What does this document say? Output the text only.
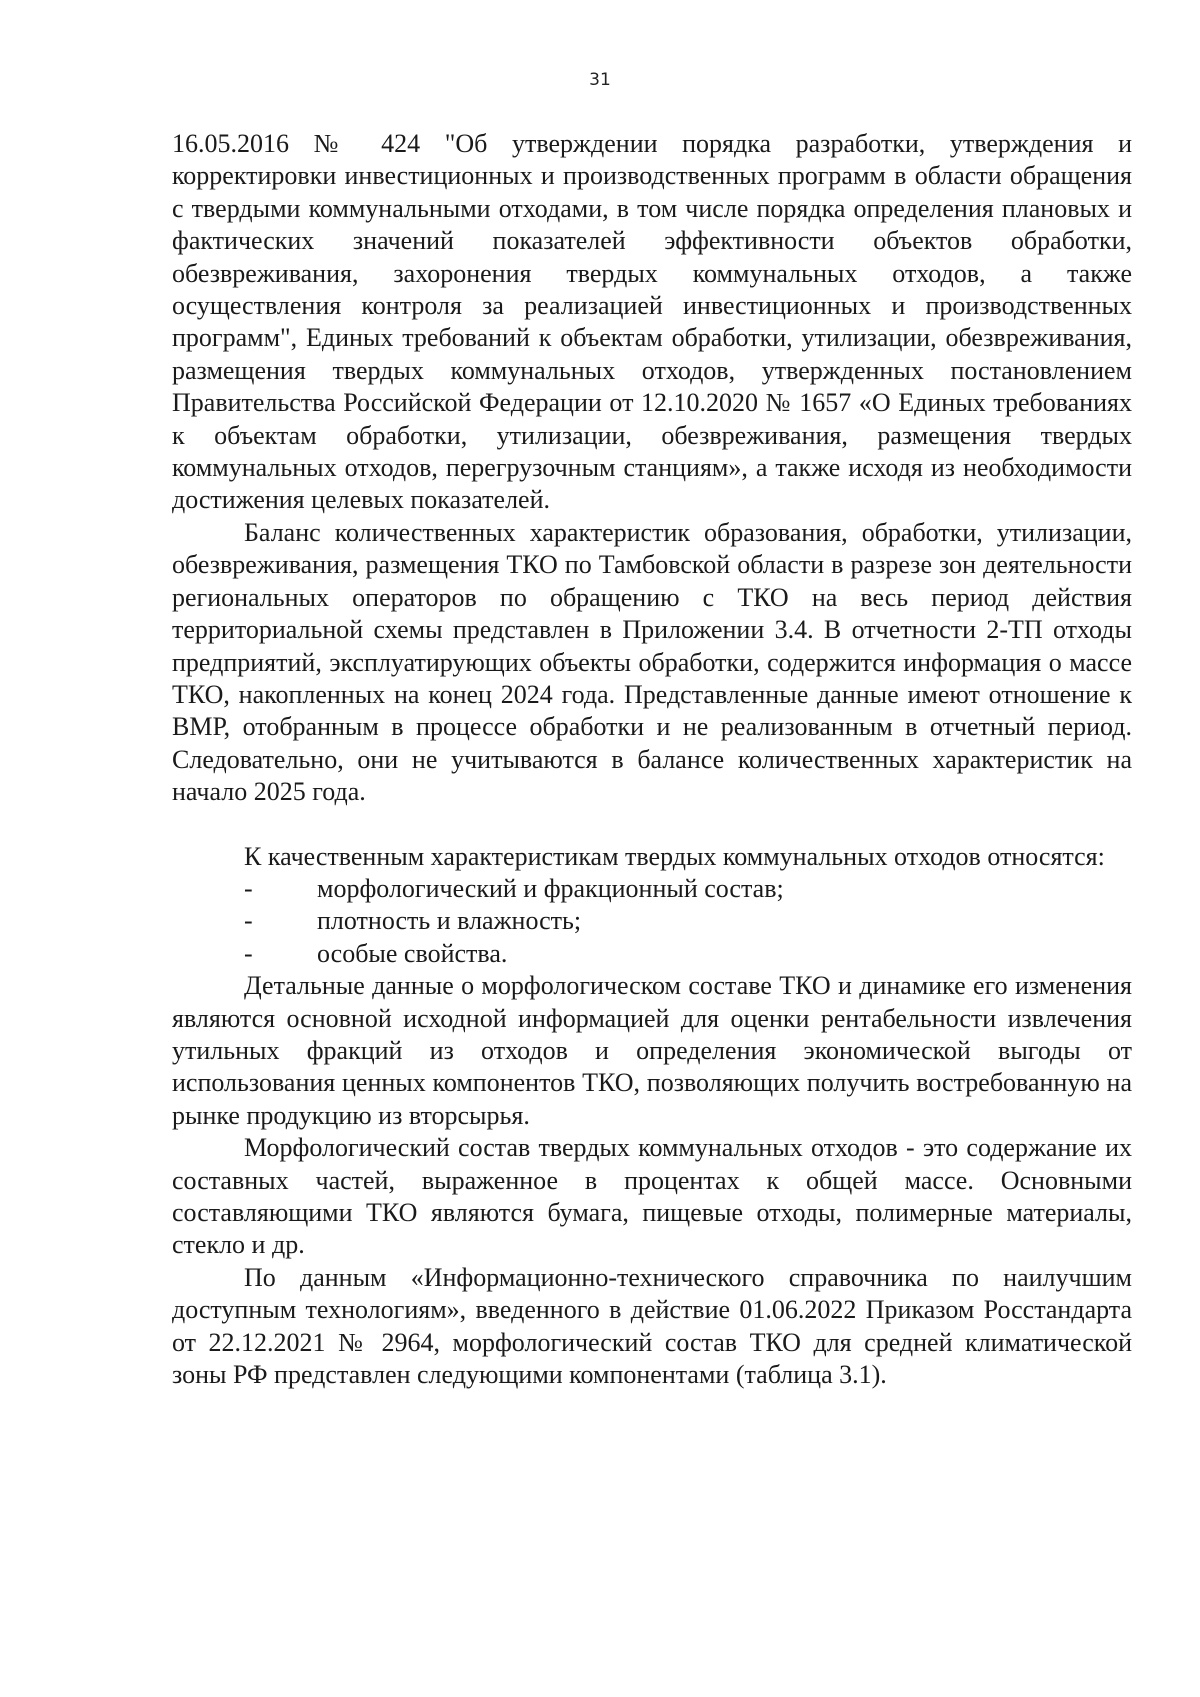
31

16.05.2016 № 424 "Об утверждении порядка разработки, утверждения и корректировки инвестиционных и производственных программ в области обращения с твердыми коммунальными отходами, в том числе порядка определения плановых и фактических значений показателей эффективности объектов обработки, обезвреживания, захоронения твердых коммунальных отходов, а также осуществления контроля за реализацией инвестиционных и производственных программ", Единых требований к объектам обработки, утилизации, обезвреживания, размещения твердых коммунальных отходов, утвержденных постановлением Правительства Российской Федерации от 12.10.2020 № 1657 «О Единых требованиях к объектам обработки, утилизации, обезвреживания, размещения твердых коммунальных отходов, перегрузочным станциям», а также исходя из необходимости достижения целевых показателей.

Баланс количественных характеристик образования, обработки, утилизации, обезвреживания, размещения ТКО по Тамбовской области в разрезе зон деятельности региональных операторов по обращению с ТКО на весь период действия территориальной схемы представлен в Приложении 3.4. В отчетности 2-ТП отходы предприятий, эксплуатирующих объекты обработки, содержится информация о массе ТКО, накопленных на конец 2024 года. Представленные данные имеют отношение к ВМР, отобранным в процессе обработки и не реализованным в отчетный период. Следовательно, они не учитываются в балансе количественных характеристик на начало 2025 года.

К качественным характеристикам твердых коммунальных отходов относятся:

- морфологический и фракционный состав;
- плотность и влажность;
- особые свойства.

Детальные данные о морфологическом составе ТКО и динамике его изменения являются основной исходной информацией для оценки рентабельности извлечения утильных фракций из отходов и определения экономической выгоды от использования ценных компонентов ТКО, позволяющих получить востребованную на рынке продукцию из вторсырья.

Морфологический состав твердых коммунальных отходов - это содержание их составных частей, выраженное в процентах к общей массе. Основными составляющими ТКО являются бумага, пищевые отходы, полимерные материалы, стекло и др.

По данным «Информационно-технического справочника по наилучшим доступным технологиям», введенного в действие 01.06.2022 Приказом Росстандарта от 22.12.2021 № 2964, морфологический состав ТКО для средней климатической зоны РФ представлен следующими компонентами (таблица 3.1).
